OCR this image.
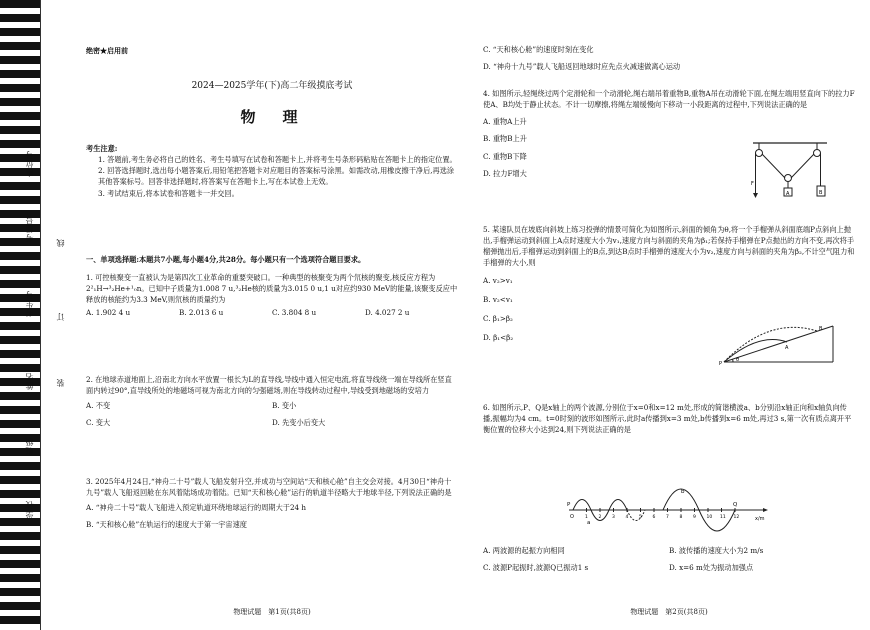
座位号
考场号
考生号
姓名
班级
学校
线
订
装
绝密★启用前
2024—2025学年(下)高二年级摸底考试
物　理
考生注意:
1. 答题前,考生务必将自己的姓名、考生号填写在试卷和答题卡上,并将考生号条形码粘贴在答题卡上的指定位置。
2. 回答选择题时,选出每小题答案后,用铅笔把答题卡对应题目的答案标号涂黑。如需改动,用橡皮擦干净后,再选涂其他答案标号。回答非选择题时,将答案写在答题卡上,写在本试卷上无效。
3. 考试结束后,将本试卷和答题卡一并交回。
一、单项选择题:本题共7小题,每小题4分,共28分。每小题只有一个选项符合题目要求。
1. 可控核聚变一直被认为是第四次工业革命的重要突破口。一种典型的核聚变为两个氘核的聚变,核反应方程为 2²₁H→³₂He+¹₀n。已知中子质量为1.008 7 u,³₂He核的质量为3.015 0 u,1 u对应约930 MeV的能量,该聚变反应中释放的核能约为3.3 MeV,则氘核的质量约为
A. 1.902 4 u	B. 2.013 6 u	C. 3.804 8 u	D. 4.027 2 u
2. 在地球赤道地面上,沿南北方向水平放置一根长为L的直导线,导线中通入恒定电流,将直导线绕一端在导线所在竖直面内转过90°,直导线所处的地磁场可视为南北方向的匀强磁场,则在导线转动过程中,导线受到地磁场的安培力
A. 不变	B. 变小
C. 变大	D. 先变小后变大
3. 2025年4月24日,“神舟二十号”载人飞船发射升空,并成功与空间站“天和核心舱”自主交会对接。4月30日“神舟十九号”载人飞船返回舱在东风着陆场成功着陆。已知“天和核心舱”运行的轨道半径略大于地球半径,下列说法正确的是
A. “神舟二十号”载人飞船进入预定轨道环绕地球运行的周期大于24 h
B. “天和核心舱”在轨运行的速度大于第一宇宙速度
物理试题　第1页(共8页)
C. “天和核心舱”的速度时刻在变化
D. “神舟十九号”载人飞船返回地球时应先点火减速做离心运动
4. 如图所示,轻绳绕过两个定滑轮和一个动滑轮,绳右端吊着重物B,重物A吊在动滑轮下面,在绳左端用竖直向下的拉力F使A、B均处于静止状态。不计一切摩擦,将绳左端缓慢向下移动一小段距离的过程中,下列说法正确的是
A. 重物A上升
B. 重物B上升
C. 重物B下降
D. 拉力F增大
A	B
F
5. 某速队员在坡底向斜坡上练习投弹的情景可简化为如图所示,斜面的倾角为θ,将一个手榴弹从斜面底端P点斜向上抛出,手榴弹运动到斜面上A点时速度大小为v₁,速度方向与斜面的夹角为β₁;若保持手榴弹在P点抛出的方向不变,再次将手榴弹抛出后,手榴弹运动到斜面上的B点,到达B点时手榴弹的速度大小为v₂,速度方向与斜面的夹角为β₂,不计空气阻力和手榴弹的大小,则
A. v₂>v₁
B. v₂<v₁
C. β₁>β₂
D. β₁<β₂
P
θ
A
B
6. 如图所示,P、Q是x轴上的两个波源,分别位于x=0和x=12 m处,形成的简谐横波a、b分别沿x轴正向和x轴负向传播,振幅均为4 cm。t=0时刻的波形如图所示,此时a传播到x=3 m处,b传播到x=6 m处,再过3 s,第一次有质点离开平衡位置的位移大小达到24,则下列说法正确的是
1 2 3 4 5 6 7 8 9 10 11 12
P	Q
a
b
x/m
O
A. 两波源的起振方向相同	B. 波传播的速度大小为2 m/s
C. 波源P起振时,波源Q已振动1 s	D. x=6 m处为振动加强点
物理试题　第2页(共8页)
